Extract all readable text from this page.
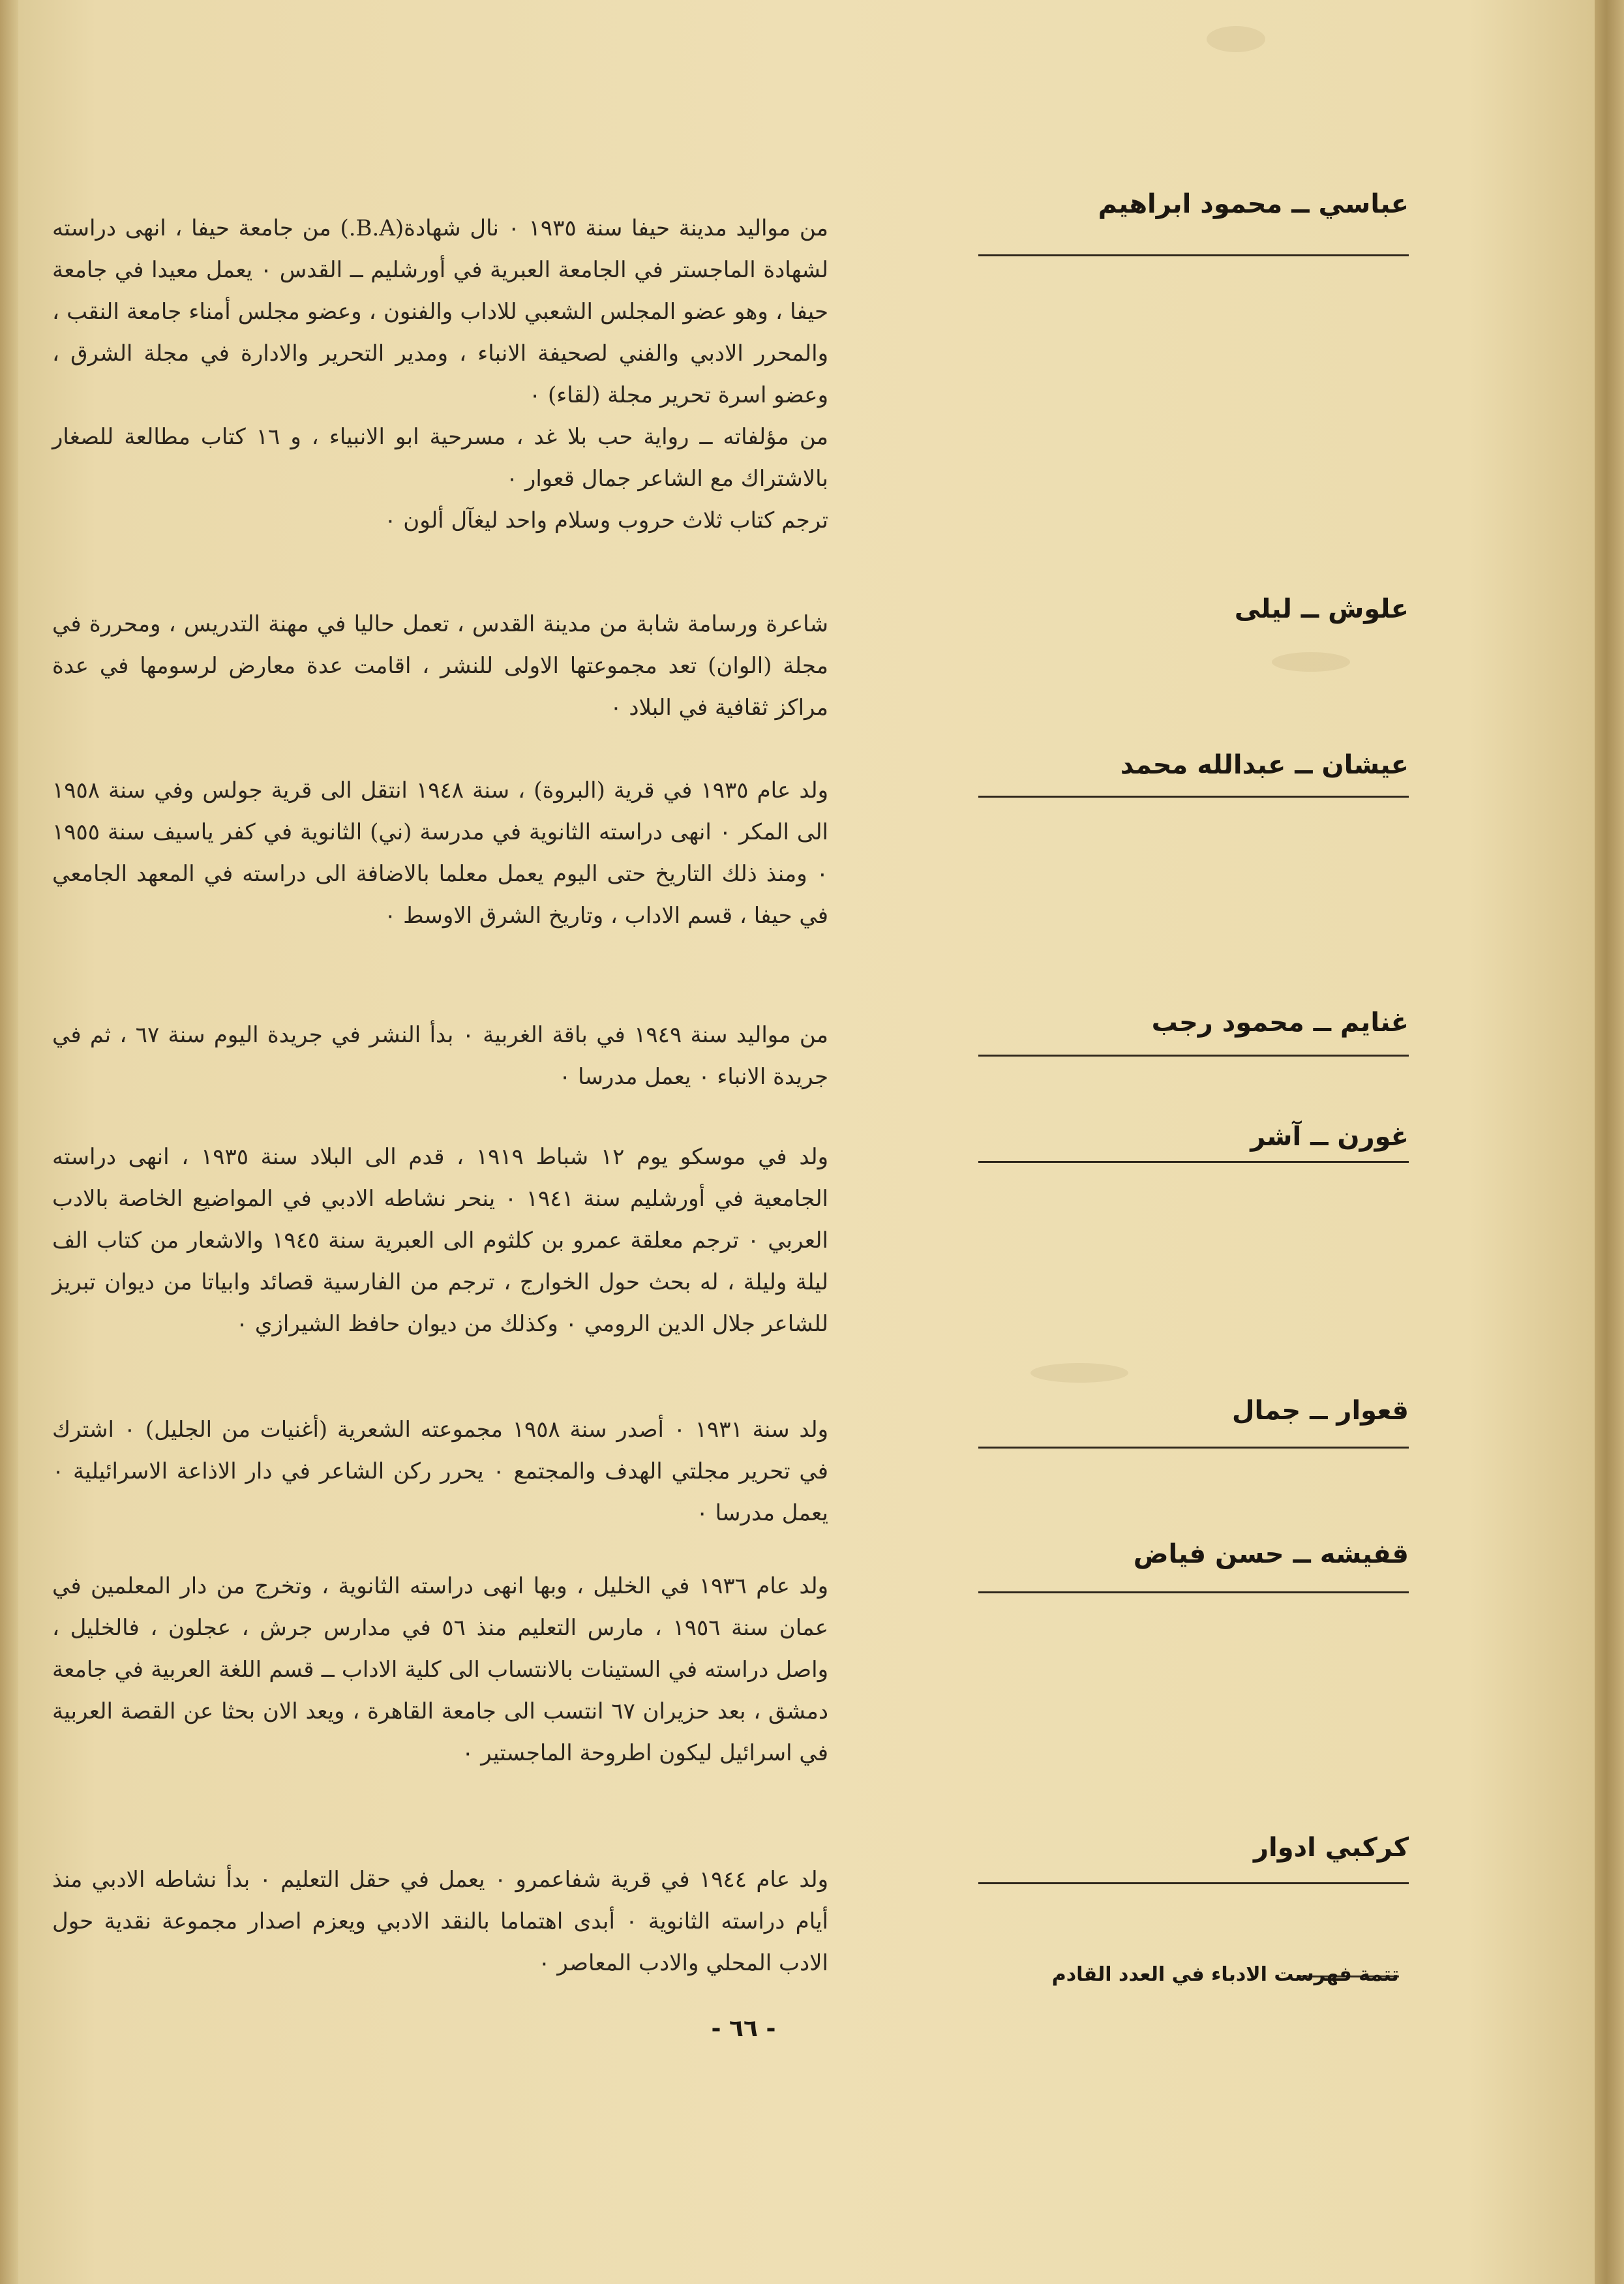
عباسي ــ محمود ابراهيم

من مواليد مدينة حيفا سنة ١٩٣٥ ٠ نال شهادة(B.A.) من جامعة حيفا ، انهى دراسته لشهادة الماجستر في الجامعة العبرية في أورشليم ــ القدس ٠ يعمل معيدا في جامعة حيفا ، وهو عضو المجلس الشعبي للاداب والفنون ، وعضو مجلس أمناء جامعة النقب ، والمحرر الادبي والفني لصحيفة الانباء ، ومدير التحرير والادارة في مجلة الشرق ، وعضو اسرة تحرير مجلة (لقاء) ٠

من مؤلفاته ــ رواية حب بلا غد ، مسرحية ابو الانبياء ، و ١٦ كتاب مطالعة للصغار بالاشتراك مع الشاعر جمال قعوار ٠

ترجم كتاب ثلاث حروب وسلام واحد ليغآل ألون ٠

علوش ــ ليلى

شاعرة ورسامة شابة من مدينة القدس ، تعمل حاليا في مهنة التدريس ، ومحررة في مجلة (الوان) تعد مجموعتها الاولى للنشر ، اقامت عدة معارض لرسومها في عدة مراكز ثقافية في البلاد ٠

عيشان ــ عبدالله محمد

ولد عام ١٩٣٥ في قرية (البروة) ، سنة ١٩٤٨ انتقل الى قرية جولس وفي سنة ١٩٥٨ الى المكر ٠ انهى دراسته الثانوية في مدرسة (ني) الثانوية في كفر ياسيف سنة ١٩٥٥ ٠ ومنذ ذلك التاريخ حتى اليوم يعمل معلما بالاضافة الى دراسته في المعهد الجامعي في حيفا ، قسم الاداب ، وتاريخ الشرق الاوسط ٠

غنايم ــ محمود رجب

من مواليد سنة ١٩٤٩ في باقة الغربية ٠ بدأ النشر في جريدة اليوم سنة ٦٧ ، ثم في جريدة الانباء ٠ يعمل مدرسا ٠

غورن ــ آشر

ولد في موسكو يوم ١٢ شباط ١٩١٩ ، قدم الى البلاد سنة ١٩٣٥ ، انهى دراسته الجامعية في أورشليم سنة ١٩٤١ ٠ ينحر نشاطه الادبي في المواضيع الخاصة بالادب العربي ٠ ترجم معلقة عمرو بن كلثوم الى العبرية سنة ١٩٤٥ والاشعار من كتاب الف ليلة وليلة ، له بحث حول الخوارج ، ترجم من الفارسية قصائد وابياتا من ديوان تبريز للشاعر جلال الدين الرومي ٠ وكذلك من ديوان حافظ الشيرازي ٠

قعوار ــ جمال

ولد سنة ١٩٣١ ٠ أصدر سنة ١٩٥٨ مجموعته الشعرية (أغنيات من الجليل) ٠ اشترك في تحرير مجلتي الهدف والمجتمع ٠ يحرر ركن الشاعر في دار الاذاعة الاسرائيلية ٠ يعمل مدرسا ٠

قفيشه ــ حسن فياض

ولد عام ١٩٣٦ في الخليل ، وبها انهى دراسته الثانوية ، وتخرج من دار المعلمين في عمان سنة ١٩٥٦ ، مارس التعليم منذ ٥٦ في مدارس جرش ، عجلون ، فالخليل ، واصل دراسته في الستينات بالانتساب الى كلية الاداب ــ قسم اللغة العربية في جامعة دمشق ، بعد حزيران ٦٧ انتسب الى جامعة القاهرة ، ويعد الان بحثا عن القصة العربية في اسرائيل ليكون اطروحة الماجستير ٠

كركبي ادوار

ولد عام ١٩٤٤ في قرية شفاعمرو ٠ يعمل في حقل التعليم ٠ بدأ نشاطه الادبي منذ أيام دراسته الثانوية ٠ أبدى اهتماما بالنقد الادبي ويعزم اصدار مجموعة نقدية حول الادب المحلي والادب المعاصر ٠	تتمة فهرست الادباء في العدد القادم
- ٦٦ -
